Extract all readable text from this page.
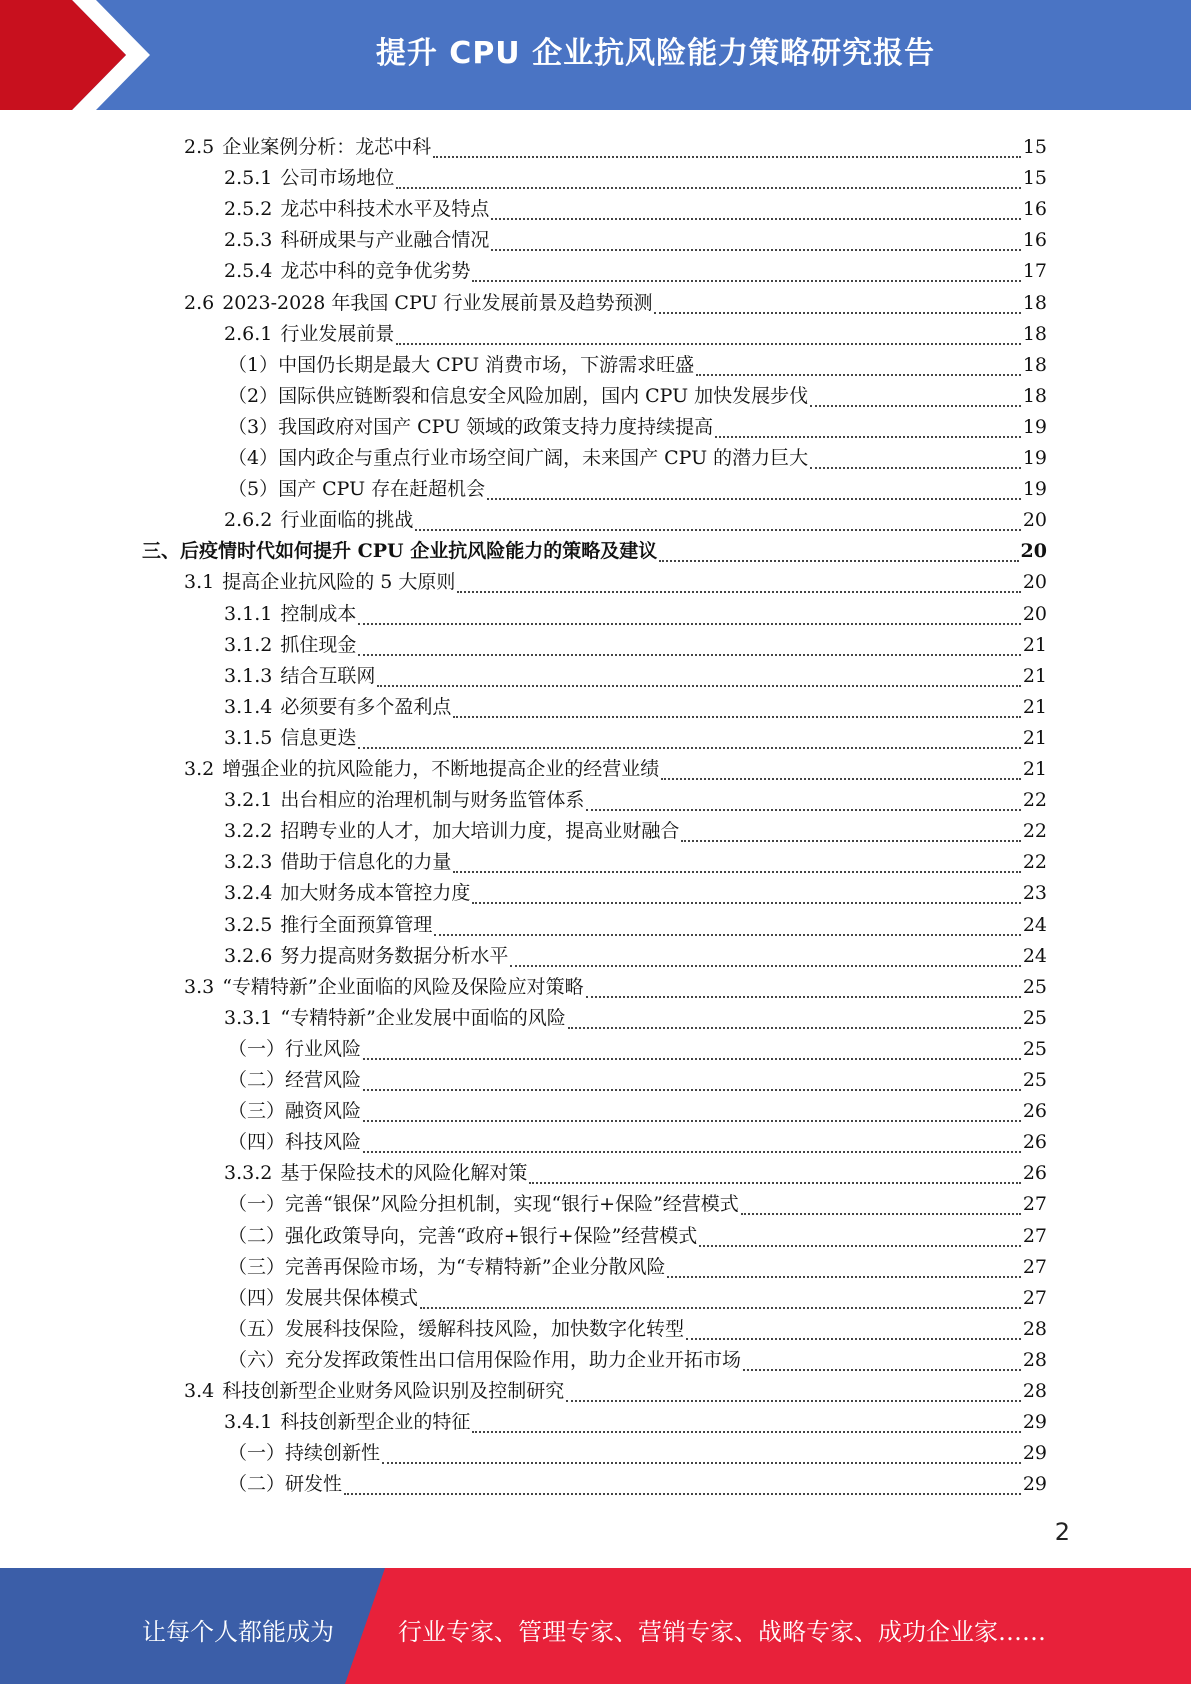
提升 CPU 企业抗风险能力策略研究报告
2.5 企业案例分析：龙芯中科	15
2.5.1 公司市场地位	15
2.5.2 龙芯中科技术水平及特点	16
2.5.3 科研成果与产业融合情况	16
2.5.4 龙芯中科的竞争优劣势	17
2.6 2023-2028 年我国 CPU 行业发展前景及趋势预测	18
2.6.1 行业发展前景	18
（1） 中国仍长期是最大 CPU 消费市场，下游需求旺盛	18
（2） 国际供应链断裂和信息安全风险加剧，国内 CPU 加快发展步伐	18
（3） 我国政府对国产 CPU 领域的政策支持力度持续提高	19
（4） 国内政企与重点行业市场空间广阔，未来国产 CPU 的潜力巨大	19
（5） 国产 CPU 存在赶超机会	19
2.6.2 行业面临的挑战	20
三、 后疫情时代如何提升 CPU 企业抗风险能力的策略及建议	20
3.1 提高企业抗风险的 5 大原则	20
3.1.1 控制成本	20
3.1.2 抓住现金	21
3.1.3 结合互联网	21
3.1.4 必须要有多个盈利点	21
3.1.5 信息更迭	21
3.2 增强企业的抗风险能力，不断地提高企业的经营业绩	21
3.2.1 出台相应的治理机制与财务监管体系	22
3.2.2 招聘专业的人才，加大培训力度，提高业财融合	22
3.2.3 借助于信息化的力量	22
3.2.4 加大财务成本管控力度	23
3.2.5 推行全面预算管理	24
3.2.6 努力提高财务数据分析水平	24
3.3 “专精特新”企业面临的风险及保险应对策略	25
3.3.1 “专精特新”企业发展中面临的风险	25
（一） 行业风险	25
（二） 经营风险	25
（三） 融资风险	26
（四） 科技风险	26
3.3.2 基于保险技术的风险化解对策	26
（一） 完善“银保”风险分担机制，实现“银行+保险”经营模式	27
（二） 强化政策导向，完善“政府+银行+保险”经营模式	27
（三） 完善再保险市场，为“专精特新”企业分散风险	27
（四） 发展共保体模式	27
（五） 发展科技保险，缓解科技风险，加快数字化转型	28
（六） 充分发挥政策性出口信用保险作用，助力企业开拓市场	28
3.4 科技创新型企业财务风险识别及控制研究	28
3.4.1 科技创新型企业的特征	29
（一） 持续创新性	29
（二） 研发性	29
2
让每个人都能成为	行业专家、管理专家、营销专家、战略专家、成功企业家……
